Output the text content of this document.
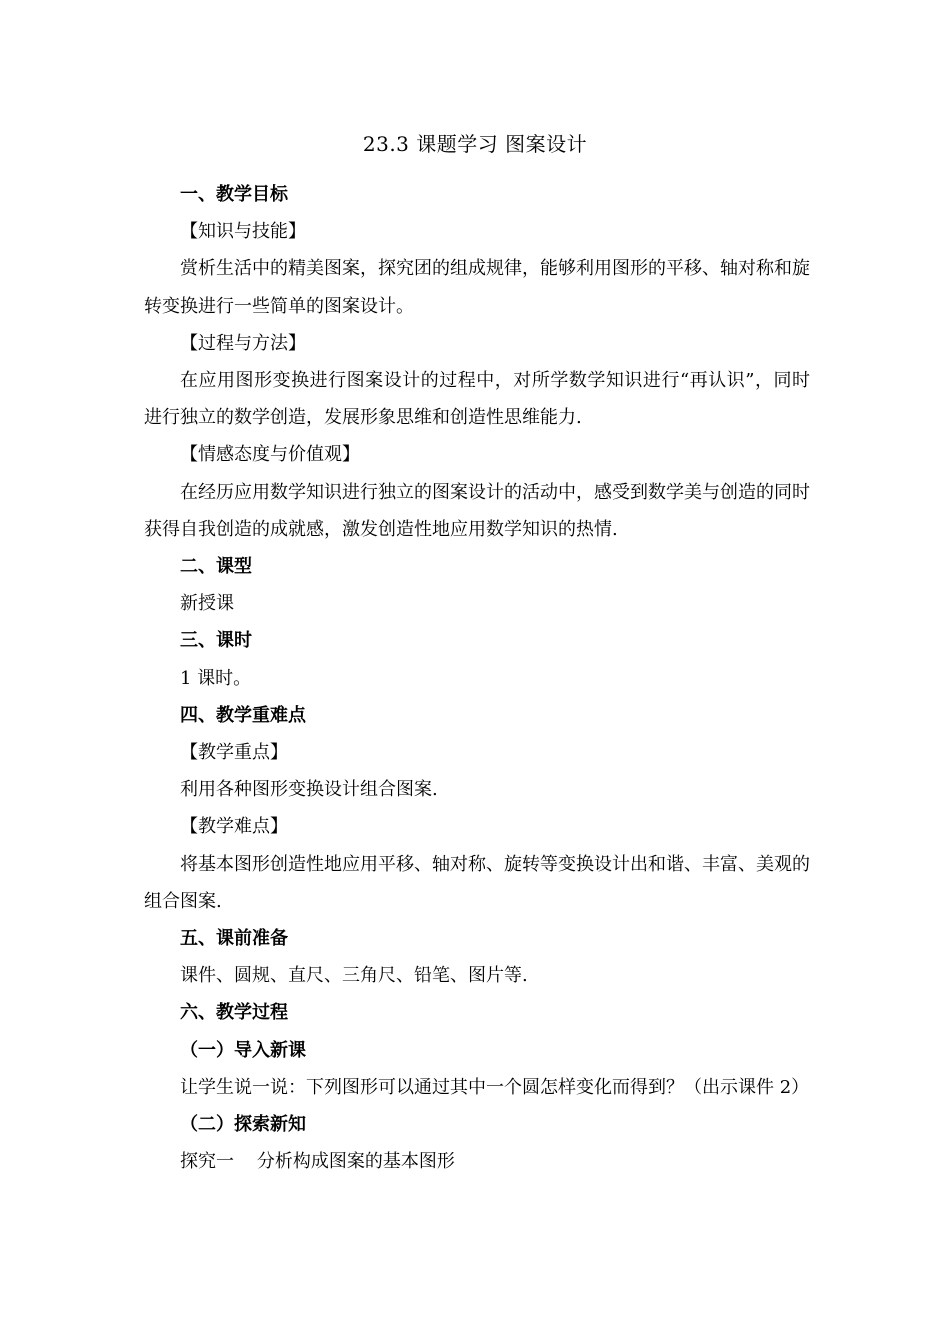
23.3 课题学习 图案设计

一、教学目标

【知识与技能】

赏析生活中的精美图案，探究团的组成规律，能够利用图形的平移、轴对称和旋转变换进行一些简单的图案设计。

【过程与方法】

在应用图形变换进行图案设计的过程中，对所学数学知识进行“再认识”，同时进行独立的数学创造，发展形象思维和创造性思维能力.

【情感态度与价值观】

在经历应用数学知识进行独立的图案设计的活动中，感受到数学美与创造的同时获得自我创造的成就感，激发创造性地应用数学知识的热情.

二、课型

新授课

三、课时

1 课时。

四、教学重难点

【教学重点】

利用各种图形变换设计组合图案.

【教学难点】

将基本图形创造性地应用平移、轴对称、旋转等变换设计出和谐、丰富、美观的组合图案.

五、课前准备

课件、圆规、直尺、三角尺、铅笔、图片等.

六、教学过程

（一）导入新课

让学生说一说：下列图形可以通过其中一个圆怎样变化而得到？（出示课件 2）

（二）探索新知

探究一    分析构成图案的基本图形
